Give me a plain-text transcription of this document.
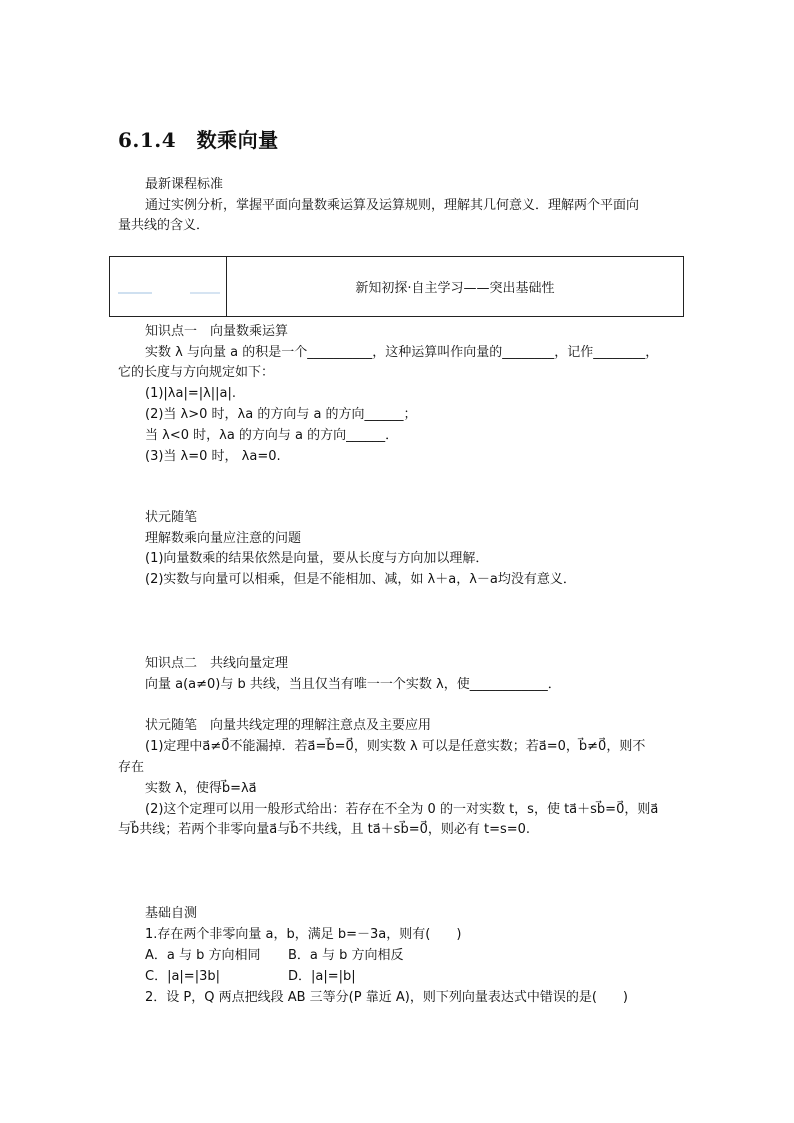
6.1.4　数乘向量
最新课程标准
通过实例分析，掌握平面向量数乘运算及运算规则，理解其几何意义．理解两个平面向
量共线的含义．
新知初探·自主学习——突出基础性
知识点一　向量数乘运算
实数 λ 与向量 a 的积是一个__________，这种运算叫作向量的________，记作________，
它的长度与方向规定如下：
(1)|λa|=|λ||a|.
(2)当 λ>0 时，λa 的方向与 a 的方向______；
当 λ<0 时，λa 的方向与 a 的方向______．
(3)当 λ=0 时， λa=0.
状元随笔
理解数乘向量应注意的问题
(1)向量数乘的结果依然是向量，要从长度与方向加以理解．
(2)实数与向量可以相乘，但是不能相加、减，如 λ＋a，λ－a均没有意义．
知识点二　共线向量定理
向量 a(a≠0)与 b 共线，当且仅当有唯一一个实数 λ，使____________．
状元随笔　向量共线定理的理解注意点及主要应用
(1)定理中a⃗≠0⃗不能漏掉．若a⃗=b⃗=0⃗，则实数 λ 可以是任意实数；若a⃗=0，b⃗≠0⃗，则不
存在
实数 λ，使得b⃗=λa⃗
(2)这个定理可以用一般形式给出：若存在不全为 0 的一对实数 t，s，使 ta⃗＋sb⃗=0⃗，则a⃗
与b⃗共线；若两个非零向量a⃗与b⃗不共线，且 ta⃗＋sb⃗=0⃗，则必有 t=s=0.
基础自测
1.存在两个非零向量 a，b，满足 b=－3a，则有(　　)
A．a 与 b 方向相同 B．a 与 b 方向相反
C．|a|=|3b|	D．|a|=|b|
2．设 P，Q 两点把线段 AB 三等分(P 靠近 A)，则下列向量表达式中错误的是(　　)
